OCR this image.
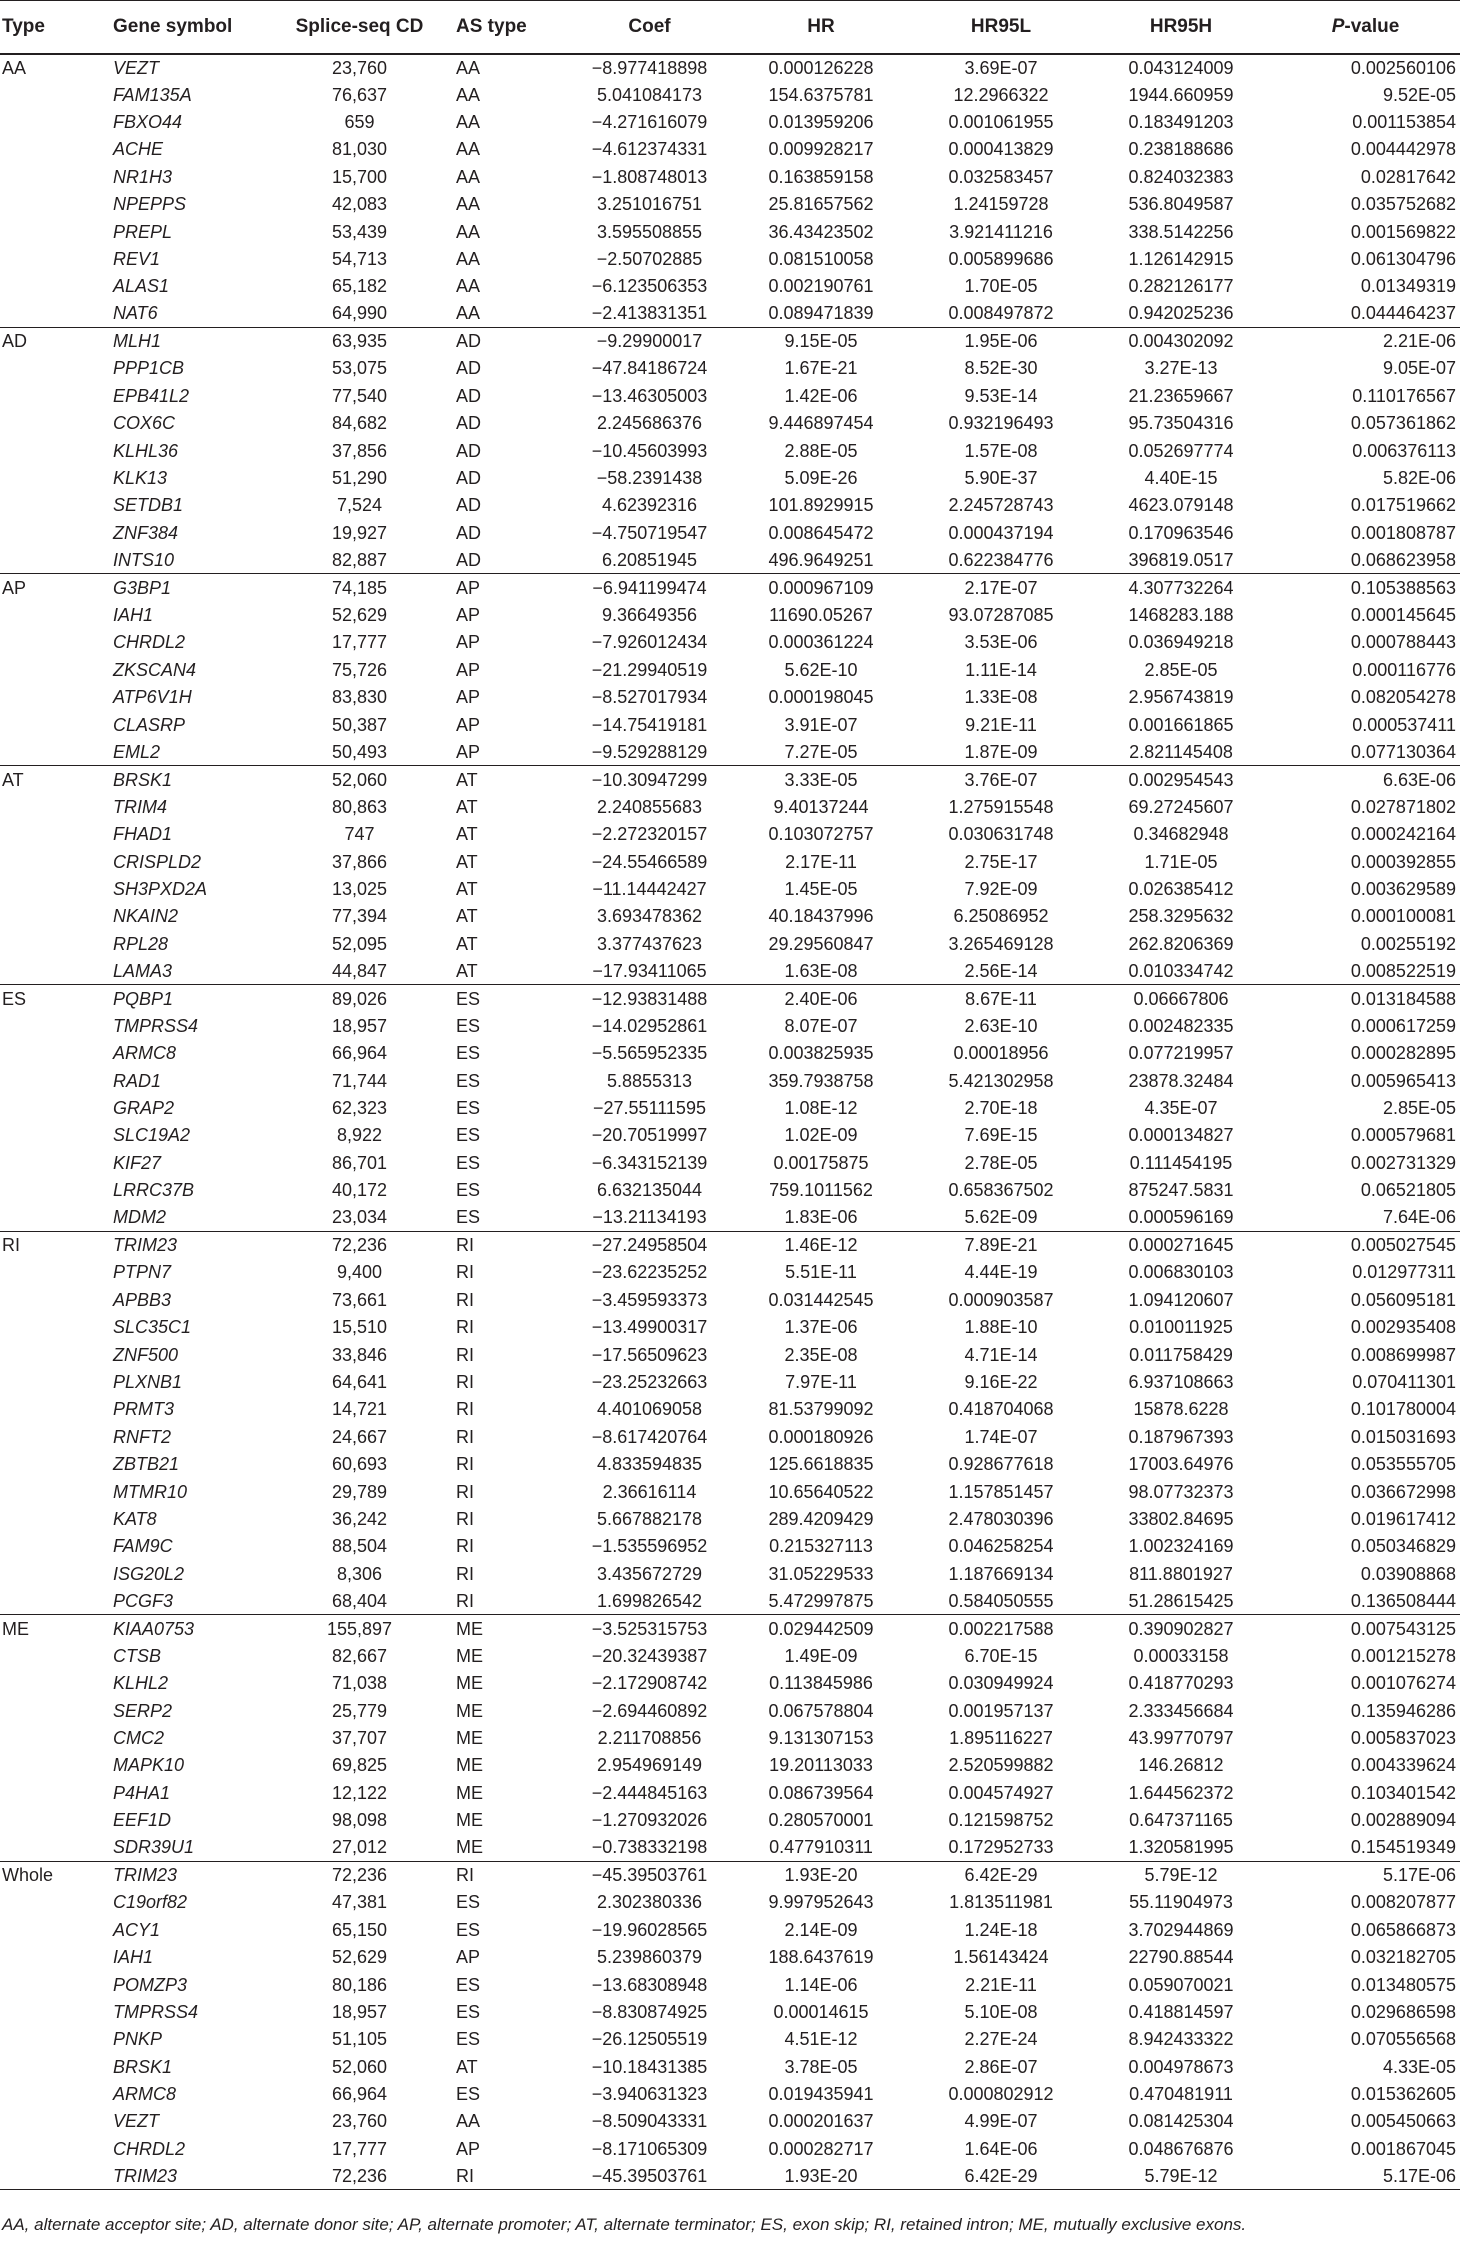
Type	Gene symbol	Splice-seq CD	AS type	Coef	HR	HR95L	HR95H	P-value
AA	VEZT	23,760	AA	−8.977418898	0.000126228	3.69E-07	0.043124009	0.002560106
	FAM135A	76,637	AA	5.041084173	154.6375781	12.2966322	1944.660959	9.52E-05
	FBXO44	659	AA	−4.271616079	0.013959206	0.001061955	0.183491203	0.001153854
	ACHE	81,030	AA	−4.612374331	0.009928217	0.000413829	0.238188686	0.004442978
	NR1H3	15,700	AA	−1.808748013	0.163859158	0.032583457	0.824032383	0.02817642
	NPEPPS	42,083	AA	3.251016751	25.81657562	1.24159728	536.8049587	0.035752682
	PREPL	53,439	AA	3.595508855	36.43423502	3.921411216	338.5142256	0.001569822
	REV1	54,713	AA	−2.50702885	0.081510058	0.005899686	1.126142915	0.061304796
	ALAS1	65,182	AA	−6.123506353	0.002190761	1.70E-05	0.282126177	0.01349319
	NAT6	64,990	AA	−2.413831351	0.089471839	0.008497872	0.942025236	0.044464237
AD	MLH1	63,935	AD	−9.29900017	9.15E-05	1.95E-06	0.004302092	2.21E-06
	PPP1CB	53,075	AD	−47.84186724	1.67E-21	8.52E-30	3.27E-13	9.05E-07
	EPB41L2	77,540	AD	−13.46305003	1.42E-06	9.53E-14	21.23659667	0.110176567
	COX6C	84,682	AD	2.245686376	9.446897454	0.932196493	95.73504316	0.057361862
	KLHL36	37,856	AD	−10.45603993	2.88E-05	1.57E-08	0.052697774	0.006376113
	KLK13	51,290	AD	−58.2391438	5.09E-26	5.90E-37	4.40E-15	5.82E-06
	SETDB1	7,524	AD	4.62392316	101.8929915	2.245728743	4623.079148	0.017519662
	ZNF384	19,927	AD	−4.750719547	0.008645472	0.000437194	0.170963546	0.001808787
	INTS10	82,887	AD	6.20851945	496.9649251	0.622384776	396819.0517	0.068623958
AP	G3BP1	74,185	AP	−6.941199474	0.000967109	2.17E-07	4.307732264	0.105388563
	IAH1	52,629	AP	9.36649356	11690.05267	93.07287085	1468283.188	0.000145645
	CHRDL2	17,777	AP	−7.926012434	0.000361224	3.53E-06	0.036949218	0.000788443
	ZKSCAN4	75,726	AP	−21.29940519	5.62E-10	1.11E-14	2.85E-05	0.000116776
	ATP6V1H	83,830	AP	−8.527017934	0.000198045	1.33E-08	2.956743819	0.082054278
	CLASRP	50,387	AP	−14.75419181	3.91E-07	9.21E-11	0.001661865	0.000537411
	EML2	50,493	AP	−9.529288129	7.27E-05	1.87E-09	2.821145408	0.077130364
AT	BRSK1	52,060	AT	−10.30947299	3.33E-05	3.76E-07	0.002954543	6.63E-06
	TRIM4	80,863	AT	2.240855683	9.40137244	1.275915548	69.27245607	0.027871802
	FHAD1	747	AT	−2.272320157	0.103072757	0.030631748	0.34682948	0.000242164
	CRISPLD2	37,866	AT	−24.55466589	2.17E-11	2.75E-17	1.71E-05	0.000392855
	SH3PXD2A	13,025	AT	−11.14442427	1.45E-05	7.92E-09	0.026385412	0.003629589
	NKAIN2	77,394	AT	3.693478362	40.18437996	6.25086952	258.3295632	0.000100081
	RPL28	52,095	AT	3.377437623	29.29560847	3.265469128	262.8206369	0.00255192
	LAMA3	44,847	AT	−17.93411065	1.63E-08	2.56E-14	0.010334742	0.008522519
ES	PQBP1	89,026	ES	−12.93831488	2.40E-06	8.67E-11	0.06667806	0.013184588
	TMPRSS4	18,957	ES	−14.02952861	8.07E-07	2.63E-10	0.002482335	0.000617259
	ARMC8	66,964	ES	−5.565952335	0.003825935	0.00018956	0.077219957	0.000282895
	RAD1	71,744	ES	5.8855313	359.7938758	5.421302958	23878.32484	0.005965413
	GRAP2	62,323	ES	−27.55111595	1.08E-12	2.70E-18	4.35E-07	2.85E-05
	SLC19A2	8,922	ES	−20.70519997	1.02E-09	7.69E-15	0.000134827	0.000579681
	KIF27	86,701	ES	−6.343152139	0.00175875	2.78E-05	0.111454195	0.002731329
	LRRC37B	40,172	ES	6.632135044	759.1011562	0.658367502	875247.5831	0.06521805
	MDM2	23,034	ES	−13.21134193	1.83E-06	5.62E-09	0.000596169	7.64E-06
RI	TRIM23	72,236	RI	−27.24958504	1.46E-12	7.89E-21	0.000271645	0.005027545
	PTPN7	9,400	RI	−23.62235252	5.51E-11	4.44E-19	0.006830103	0.012977311
	APBB3	73,661	RI	−3.459593373	0.031442545	0.000903587	1.094120607	0.056095181
	SLC35C1	15,510	RI	−13.49900317	1.37E-06	1.88E-10	0.010011925	0.002935408
	ZNF500	33,846	RI	−17.56509623	2.35E-08	4.71E-14	0.011758429	0.008699987
	PLXNB1	64,641	RI	−23.25232663	7.97E-11	9.16E-22	6.937108663	0.070411301
	PRMT3	14,721	RI	4.401069058	81.53799092	0.418704068	15878.6228	0.101780004
	RNFT2	24,667	RI	−8.617420764	0.000180926	1.74E-07	0.187967393	0.015031693
	ZBTB21	60,693	RI	4.833594835	125.6618835	0.928677618	17003.64976	0.053555705
	MTMR10	29,789	RI	2.36616114	10.65640522	1.157851457	98.07732373	0.036672998
	KAT8	36,242	RI	5.667882178	289.4209429	2.478030396	33802.84695	0.019617412
	FAM9C	88,504	RI	−1.535596952	0.215327113	0.046258254	1.002324169	0.050346829
	ISG20L2	8,306	RI	3.435672729	31.05229533	1.187669134	811.8801927	0.03908868
	PCGF3	68,404	RI	1.699826542	5.472997875	0.584050555	51.28615425	0.136508444
ME	KIAA0753	155,897	ME	−3.525315753	0.029442509	0.002217588	0.390902827	0.007543125
	CTSB	82,667	ME	−20.32439387	1.49E-09	6.70E-15	0.00033158	0.001215278
	KLHL2	71,038	ME	−2.172908742	0.113845986	0.030949924	0.418770293	0.001076274
	SERP2	25,779	ME	−2.694460892	0.067578804	0.001957137	2.333456684	0.135946286
	CMC2	37,707	ME	2.211708856	9.131307153	1.895116227	43.99770797	0.005837023
	MAPK10	69,825	ME	2.954969149	19.20113033	2.520599882	146.26812	0.004339624
	P4HA1	12,122	ME	−2.444845163	0.086739564	0.004574927	1.644562372	0.103401542
	EEF1D	98,098	ME	−1.270932026	0.280570001	0.121598752	0.647371165	0.002889094
	SDR39U1	27,012	ME	−0.738332198	0.477910311	0.172952733	1.320581995	0.154519349
Whole	TRIM23	72,236	RI	−45.39503761	1.93E-20	6.42E-29	5.79E-12	5.17E-06
	C19orf82	47,381	ES	2.302380336	9.997952643	1.813511981	55.11904973	0.008207877
	ACY1	65,150	ES	−19.96028565	2.14E-09	1.24E-18	3.702944869	0.065866873
	IAH1	52,629	AP	5.239860379	188.6437619	1.56143424	22790.88544	0.032182705
	POMZP3	80,186	ES	−13.68308948	1.14E-06	2.21E-11	0.059070021	0.013480575
	TMPRSS4	18,957	ES	−8.830874925	0.00014615	5.10E-08	0.418814597	0.029686598
	PNKP	51,105	ES	−26.12505519	4.51E-12	2.27E-24	8.942433322	0.070556568
	BRSK1	52,060	AT	−10.18431385	3.78E-05	2.86E-07	0.004978673	4.33E-05
	ARMC8	66,964	ES	−3.940631323	0.019435941	0.000802912	0.470481911	0.015362605
	VEZT	23,760	AA	−8.509043331	0.000201637	4.99E-07	0.081425304	0.005450663
	CHRDL2	17,777	AP	−8.171065309	0.000282717	1.64E-06	0.048676876	0.001867045
	TRIM23	72,236	RI	−45.39503761	1.93E-20	6.42E-29	5.79E-12	5.17E-06
AA, alternate acceptor site; AD, alternate donor site; AP, alternate promoter; AT, alternate terminator; ES, exon skip; RI, retained intron; ME, mutually exclusive exons.
